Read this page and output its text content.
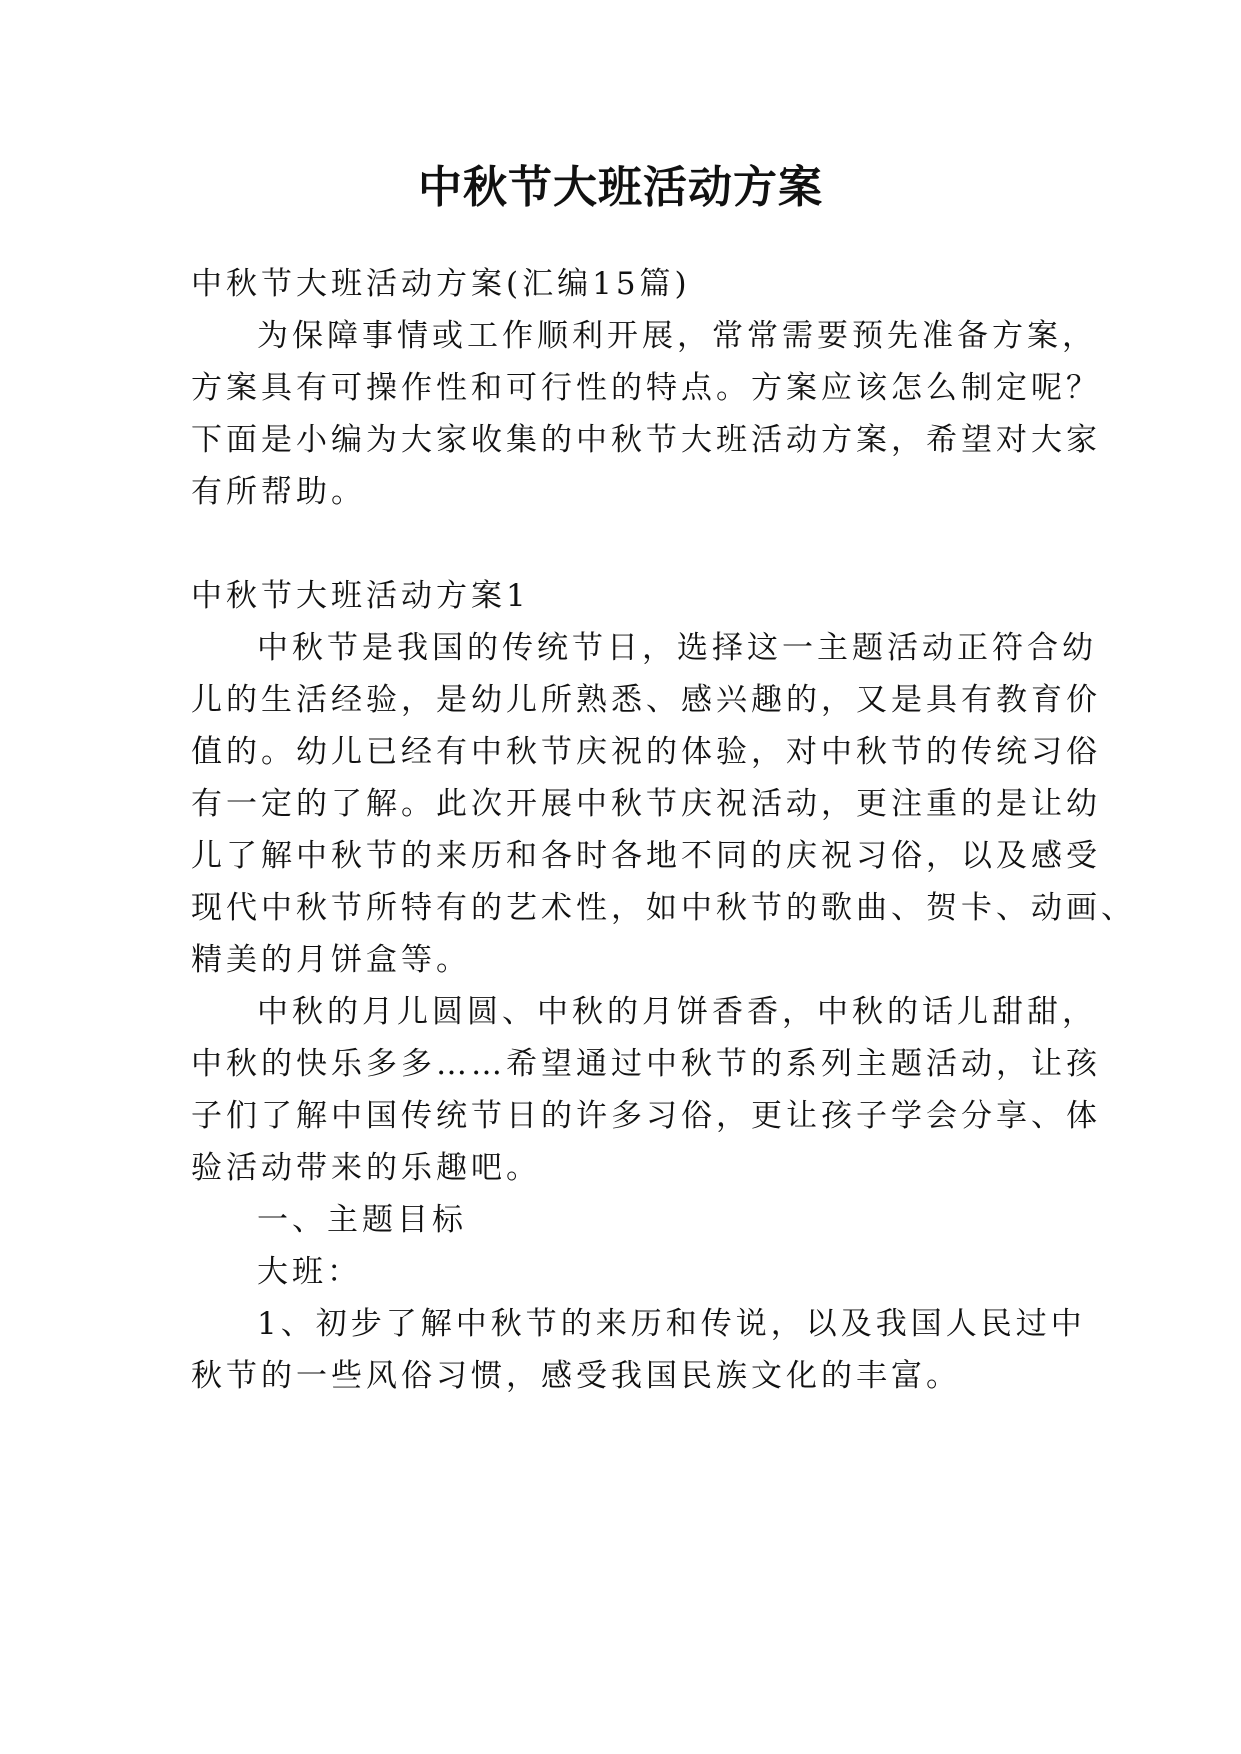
中秋节大班活动方案

中秋节大班活动方案(汇编15篇)

为保障事情或工作顺利开展，常常需要预先准备方案，

方案具有可操作性和可行性的特点。方案应该怎么制定呢？

下面是小编为大家收集的中秋节大班活动方案，希望对大家

有所帮助。

中秋节大班活动方案1

中秋节是我国的传统节日，选择这一主题活动正符合幼

儿的生活经验，是幼儿所熟悉、感兴趣的，又是具有教育价

值的。幼儿已经有中秋节庆祝的体验，对中秋节的传统习俗

有一定的了解。此次开展中秋节庆祝活动，更注重的是让幼

儿了解中秋节的来历和各时各地不同的庆祝习俗，以及感受

现代中秋节所特有的艺术性，如中秋节的歌曲、贺卡、动画、

精美的月饼盒等。

中秋的月儿圆圆、中秋的月饼香香，中秋的话儿甜甜，

中秋的快乐多多……希望通过中秋节的系列主题活动，让孩

子们了解中国传统节日的许多习俗，更让孩子学会分享、体

验活动带来的乐趣吧。

一、主题目标

大班：

1、初步了解中秋节的来历和传说，以及我国人民过中

秋节的一些风俗习惯，感受我国民族文化的丰富。
